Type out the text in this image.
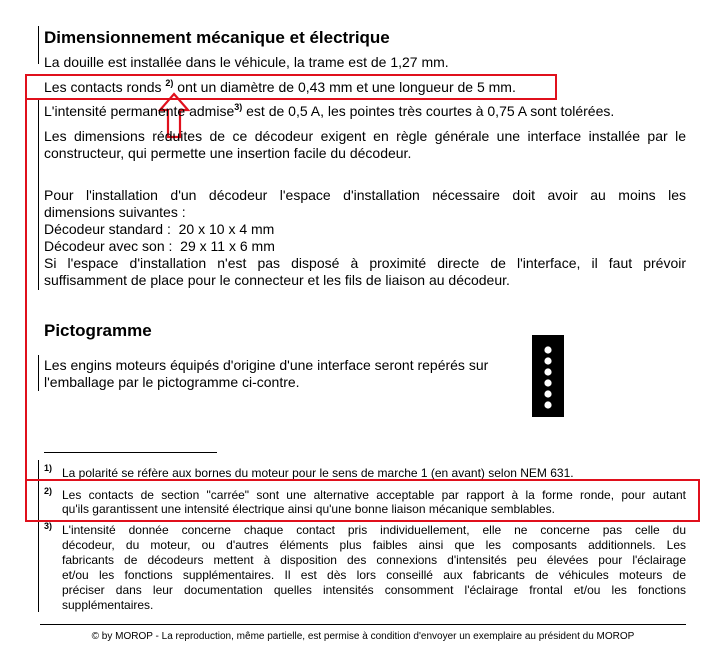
Dimensionnement mécanique et électrique
La douille est installée dans le véhicule, la trame est de 1,27 mm.
Les contacts ronds $^{2)}$ ont un diamètre de 0,43 mm et une longueur de 5 mm.
L'intensité permanente admise$^{3)}$ est de 0,5 A, les pointes très courtes à 0,75 A sont tolérées.
Les dimensions réduites de ce décodeur exigent en règle générale une interface installée par le
constructeur, qui permette une insertion facile du décodeur.
Pour l'installation d'un décodeur l'espace d'installation nécessaire doit avoir au moins les
dimensions suivantes :
Décodeur standard :  20 x 10 x 4 mm
Décodeur avec son :  29 x 11 x 6 mm
Si l'espace d'installation n'est pas disposé à proximité directe de l'interface, il faut prévoir
suffisamment de place pour le connecteur et les fils de liaison au décodeur.
Pictogramme
Les engins moteurs équipés d'origine d'une interface seront repérés sur
l'emballage par le pictogramme ci-contre.
1) La polarité se réfère aux bornes du moteur pour le sens de marche 1 (en avant) selon NEM 631.
2) Les contacts de section "carrée" sont une alternative acceptable par rapport à la forme ronde, pour autant
qu'ils garantissent une intensité électrique ainsi qu'une bonne liaison mécanique semblables.
3) L'intensité donnée concerne chaque contact pris individuellement, elle ne concerne pas celle du
décodeur, du moteur, ou d'autres éléments plus faibles ainsi que les composants additionnels. Les
fabricants de décodeurs mettent à disposition des connexions d'intensités peu élevées pour l'éclairage
et/ou les fonctions supplémentaires. Il est dès lors conseillé aux fabricants de véhicules moteurs de
préciser dans leur documentation quelles intensités consomment l'éclairage frontal et/ou les fonctions
supplémentaires.
© by MOROP - La reproduction, même partielle, est permise à condition d'envoyer un exemplaire au président du MOROP
